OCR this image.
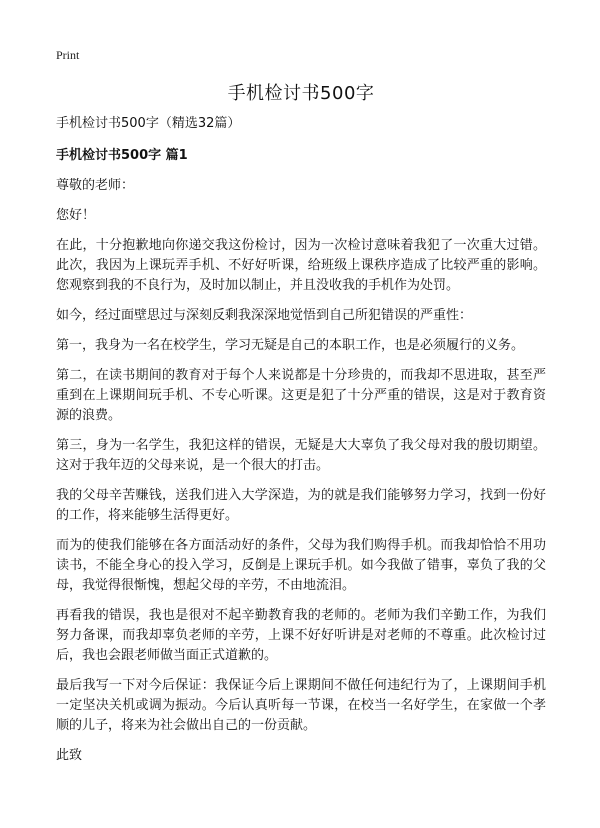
Print
手机检讨书500字
手机检讨书500字（精选32篇）
手机检讨书500字 篇1

尊敬的老师：

您好！

在此，十分抱歉地向你递交我这份检讨，因为一次检讨意味着我犯了一次重大过错。此次，我因为上课玩弄手机、不好好听课，给班级上课秩序造成了比较严重的影响。您观察到我的不良行为，及时加以制止，并且没收我的手机作为处罚。

如今，经过面壁思过与深刻反剩我深深地觉悟到自己所犯错误的严重性：

第一，我身为一名在校学生，学习无疑是自己的本职工作，也是必须履行的义务。

第二，在读书期间的教育对于每个人来说都是十分珍贵的，而我却不思进取，甚至严重到在上课期间玩手机、不专心听课。这更是犯了十分严重的错误，这是对于教育资源的浪费。

第三，身为一名学生，我犯这样的错误，无疑是大大辜负了我父母对我的殷切期望。这对于我年迈的父母来说，是一个很大的打击。

我的父母辛苦赚钱，送我们进入大学深造，为的就是我们能够努力学习，找到一份好的工作，将来能够生活得更好。

而为的使我们能够在各方面活动好的条件，父母为我们购得手机。而我却恰恰不用功读书，不能全身心的投入学习，反倒是上课玩手机。如今我做了错事，辜负了我的父母，我觉得很惭愧，想起父母的辛劳，不由地流泪。

再看我的错误，我也是很对不起辛勤教育我的老师的。老师为我们辛勤工作，为我们努力备课，而我却辜负老师的辛劳，上课不好好听讲是对老师的不尊重。此次检讨过后，我也会跟老师做当面正式道歉的。

最后我写一下对今后保证：我保证今后上课期间不做任何违纪行为了，上课期间手机一定坚决关机或调为振动。今后认真听每一节课，在校当一名好学生，在家做一个孝顺的儿子，将来为社会做出自己的一份贡献。

此致
